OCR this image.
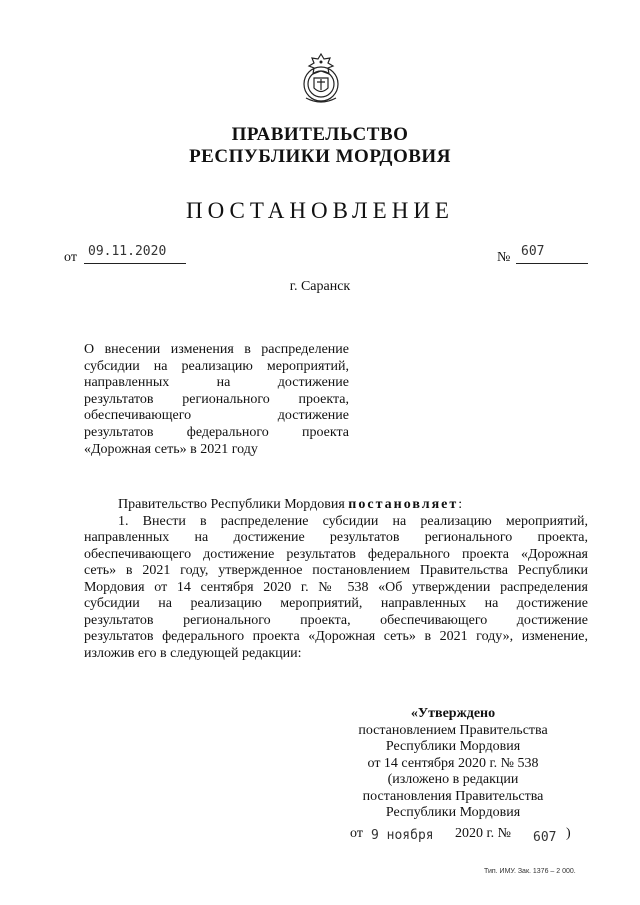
ПРАВИТЕЛЬСТВО
РЕСПУБЛИКИ МОРДОВИЯ
ПОСТАНОВЛЕНИЕ
от 09.11.2020	№ 607
г. Саранск
О внесении изменения в распределение
субсидии на реализацию мероприятий,
направленных на достижение
результатов регионального проекта,
обеспечивающего достижение
результатов федерального проекта
«Дорожная сеть» в 2021 году
Правительство Республики Мордовия постановляет:
1. Внести в распределение субсидии на реализацию мероприятий,
направленных на достижение результатов регионального проекта,
обеспечивающего достижение результатов федерального проекта «Дорожная
сеть» в 2021 году, утвержденное постановлением Правительства Республики
Мордовия от 14 сентября 2020 г. № 538 «Об утверждении распределения
субсидии на реализацию мероприятий, направленных на достижение
результатов регионального проекта, обеспечивающего достижение
результатов федерального проекта «Дорожная сеть» в 2021 году», изменение,
изложив его в следующей редакции:
«Утверждено
постановлением Правительства
Республики Мордовия
от 14 сентября 2020 г. № 538
(изложено в редакции
постановления Правительства
Республики Мордовия
от 9 ноября 2020 г. № 607 )
Тип. ИМУ. Зак. 1376 – 2 000.
